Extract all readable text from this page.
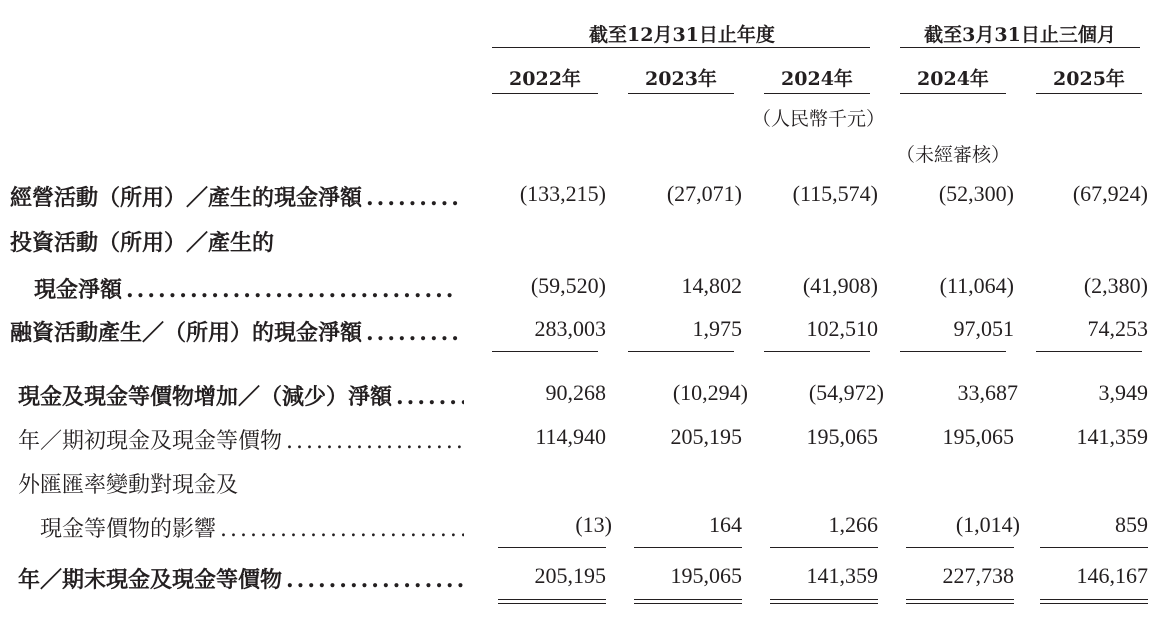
截至12月31日止年度	截至3月31日止三個月
2022年	2023年	2024年	2024年	2025年
（人民幣千元）
（未經審核）
經營活動（所用）／產生的現金淨額 .....	(133,215)	(27,071)	(115,574)	(52,300)	(67,924)
投資活動（所用）／產生的
現金淨額 .....	(59,520)	14,802	(41,908)	(11,064)	(2,380)
融資活動產生／（所用）的現金淨額 .....	283,003	1,975	102,510	97,051	74,253
現金及現金等價物增加／（減少）淨額 .....	90,268	(10,294)	(54,972)	33,687	3,949
年／期初現金及現金等價物 .....	114,940	205,195	195,065	195,065	141,359
外匯匯率變動對現金及
現金等價物的影響 .....	(13)	164	1,266	(1,014)	859
年／期末現金及現金等價物 .....	205,195	195,065	141,359	227,738	146,167
